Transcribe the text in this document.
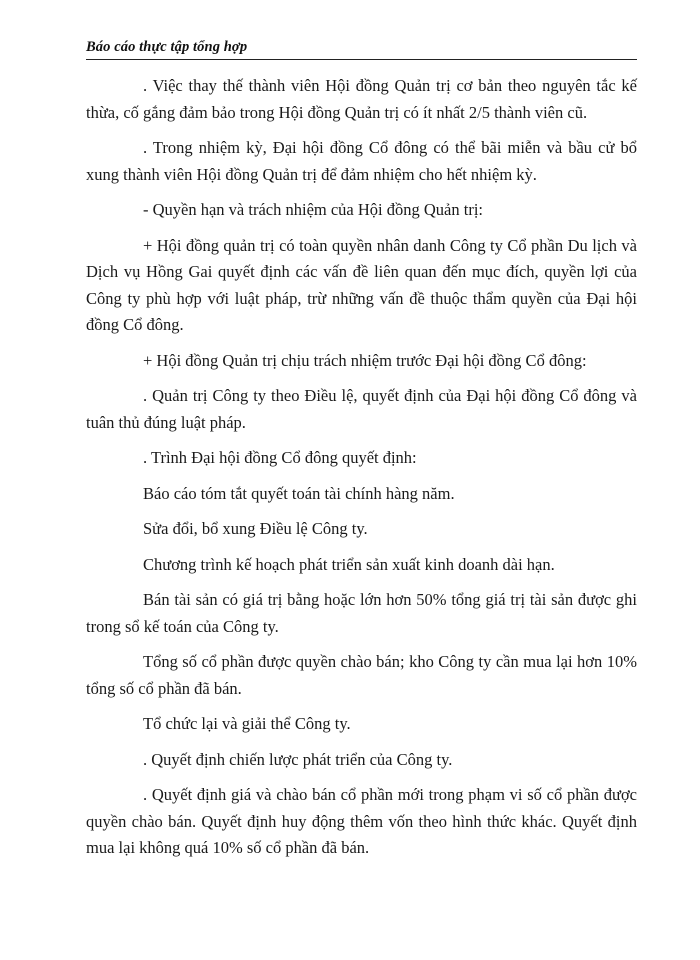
Báo cáo thực tập tổng hợp

. Việc thay thế thành viên Hội đồng Quản trị cơ bản theo nguyên tắc kế thừa, cố gắng đảm bảo trong Hội đồng Quản trị có ít nhất 2/5 thành viên cũ.

. Trong nhiệm kỳ, Đại hội đồng Cổ đông có thể bãi miễn và bầu cử bổ xung thành viên Hội đồng Quản trị để đảm nhiệm cho hết nhiệm kỳ.

- Quyền hạn và trách nhiệm của Hội đồng Quản trị:

+ Hội đồng quản trị có toàn quyền nhân danh Công ty Cổ phần Du lịch và Dịch vụ Hồng Gai quyết định các vấn đề liên quan đến mục đích, quyền lợi của Công ty phù hợp với luật pháp, trừ những vấn đề thuộc thẩm quyền của Đại hội đồng Cổ đông.

+ Hội đồng Quản trị chịu trách nhiệm trước Đại hội đồng Cổ đông:

. Quản trị Công ty theo Điều lệ, quyết định của Đại hội đồng Cổ đông và tuân thủ đúng luật pháp.

. Trình Đại hội đồng Cổ đông quyết định:

Báo cáo tóm tắt quyết toán tài chính hàng năm.

Sửa đổi, bổ xung Điều lệ Công ty.

Chương trình kế hoạch phát triển sản xuất kinh doanh dài hạn.

Bán tài sản có giá trị bằng hoặc lớn hơn 50% tổng giá trị tài sản được ghi trong sổ kế toán của Công ty.

Tổng số cổ phần được quyền chào bán; kho Công ty cần mua lại hơn 10% tổng số cổ phần đã bán.

Tổ chức lại và giải thể Công ty.

. Quyết định chiến lược phát triển của Công ty.

. Quyết định giá và chào bán cổ phần mới trong phạm vi số cổ phần được quyền chào bán. Quyết định huy động thêm vốn theo hình thức khác. Quyết định mua lại không quá 10% số cổ phần đã bán.
